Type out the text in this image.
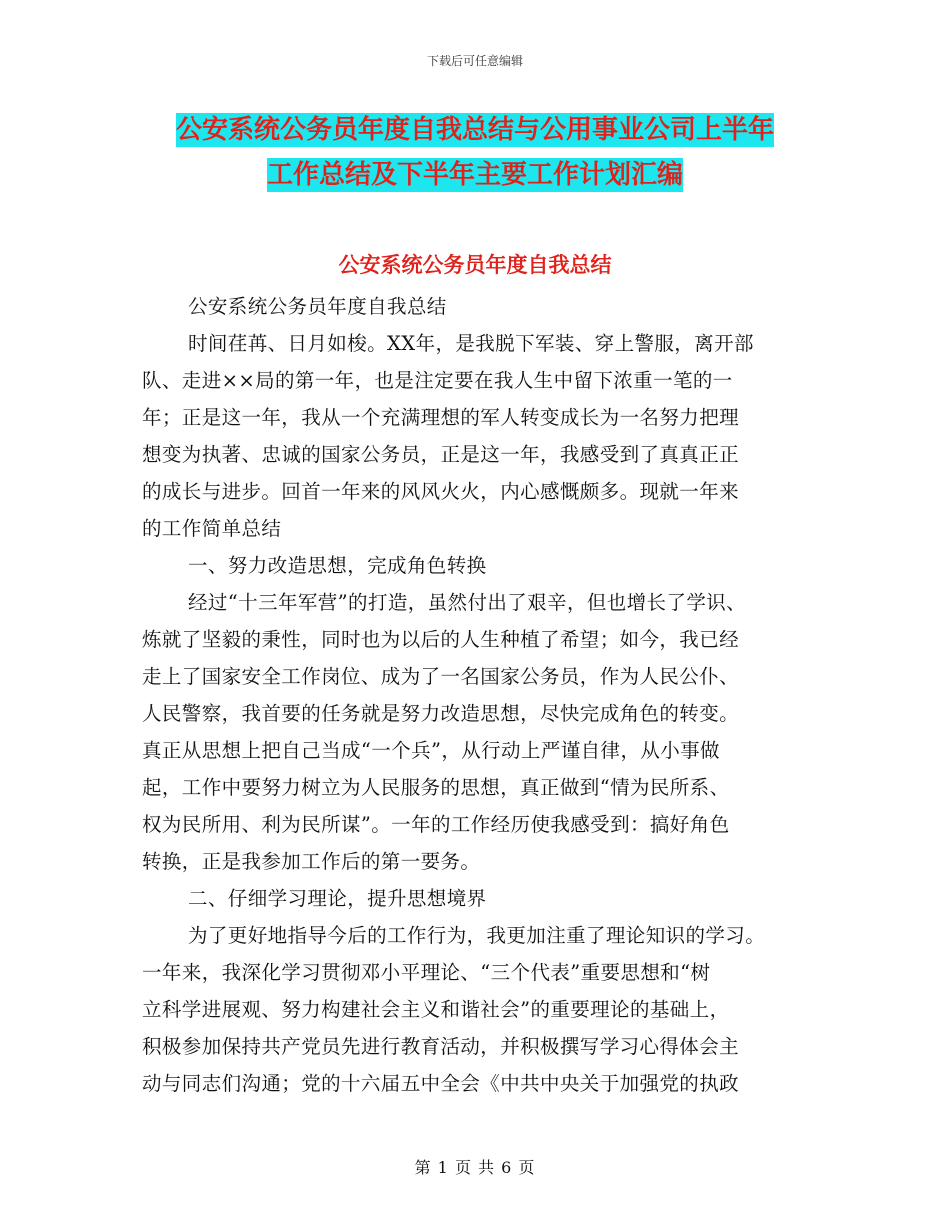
下载后可任意编辑
公安系统公务员年度自我总结与公用事业公司上半年
工作总结及下半年主要工作计划汇编
公安系统公务员年度自我总结
公安系统公务员年度自我总结
时间荏苒、日月如梭。XX年，是我脱下军装、穿上警服，离开部
队、走进××局的第一年，也是注定要在我人生中留下浓重一笔的一
年；正是这一年，我从一个充满理想的军人转变成长为一名努力把理
想变为执著、忠诚的国家公务员，正是这一年，我感受到了真真正正
的成长与进步。回首一年来的风风火火，内心感慨颇多。现就一年来
的工作简单总结
一、努力改造思想，完成角色转换
经过“十三年军营”的打造，虽然付出了艰辛，但也增长了学识、
炼就了坚毅的秉性，同时也为以后的人生种植了希望；如今，我已经
走上了国家安全工作岗位、成为了一名国家公务员，作为人民公仆、
人民警察，我首要的任务就是努力改造思想，尽快完成角色的转变。
真正从思想上把自己当成“一个兵”，从行动上严谨自律，从小事做
起，工作中要努力树立为人民服务的思想，真正做到“情为民所系、
权为民所用、利为民所谋”。一年的工作经历使我感受到：搞好角色
转换，正是我参加工作后的第一要务。
二、仔细学习理论，提升思想境界
为了更好地指导今后的工作行为，我更加注重了理论知识的学习。
一年来，我深化学习贯彻邓小平理论、“三个代表”重要思想和“树
立科学进展观、努力构建社会主义和谐社会”的重要理论的基础上，
积极参加保持共产党员先进行教育活动，并积极撰写学习心得体会主
动与同志们沟通；党的十六届五中全会《中共中央关于加强党的执政
第 1 页 共 6 页
